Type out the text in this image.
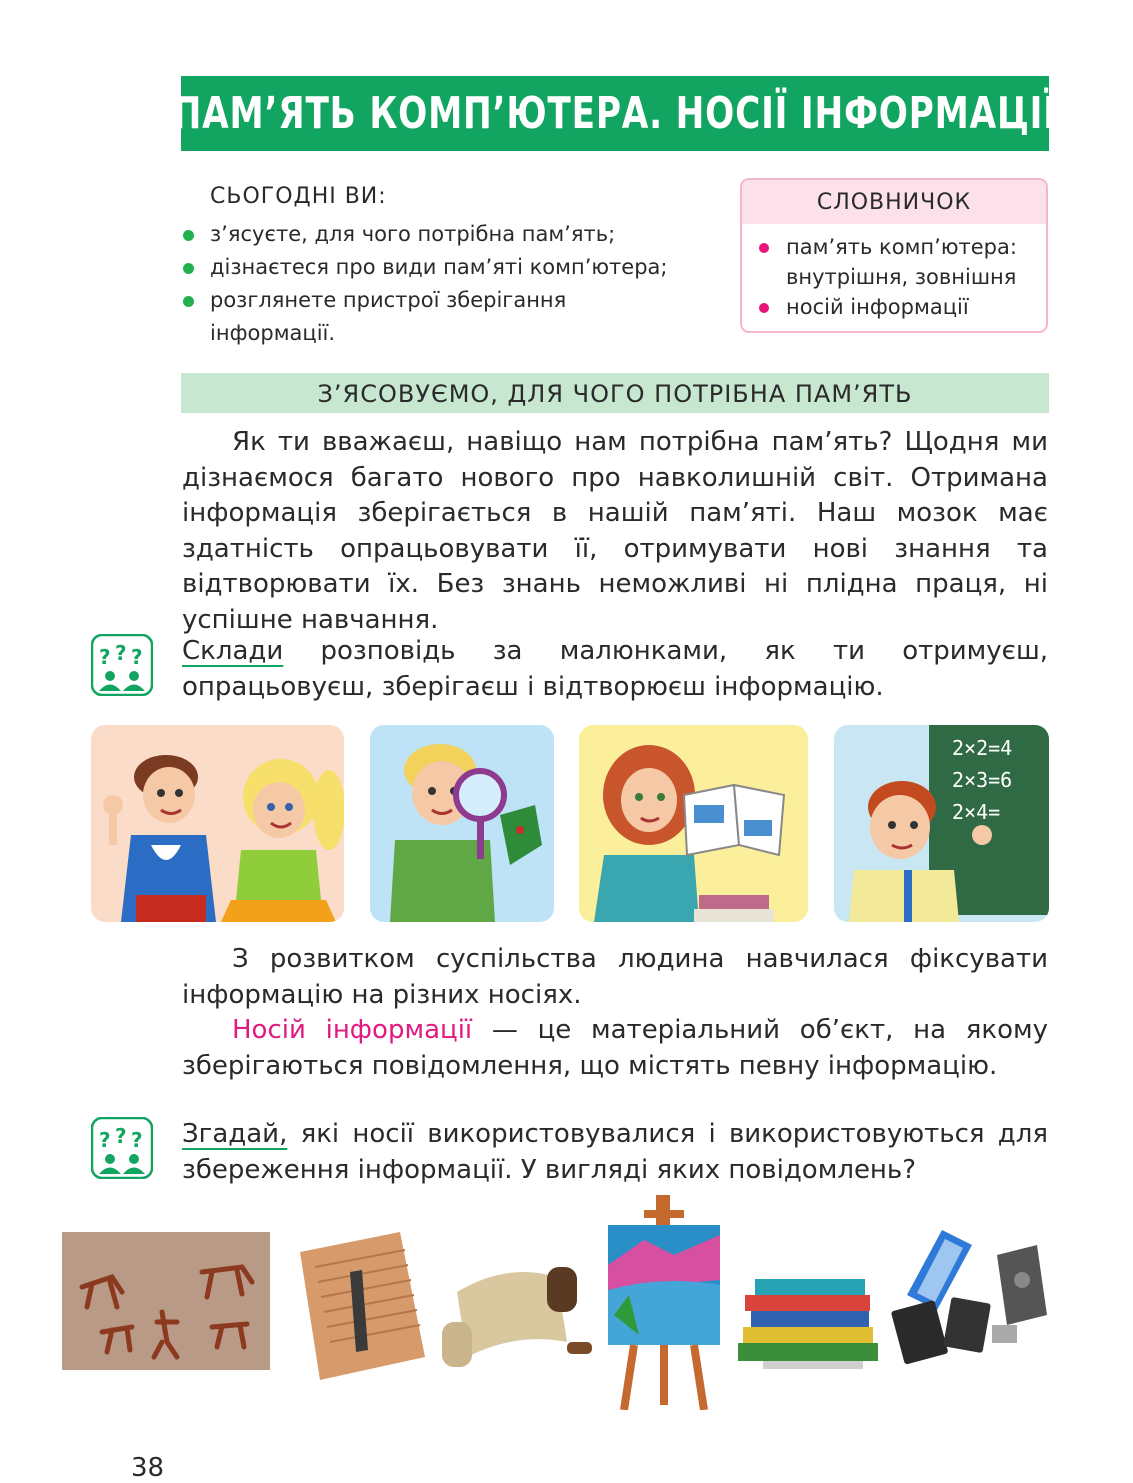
ПАМ’ЯТЬ КОМП’ЮТЕРА. НОСІЇ ІНФОРМАЦІЇ
СЬОГОДНІ ВИ:
з’ясуєте, для чого потрібна пам’ять;
дізнаєтеся про види пам’яті комп’ютера;
розглянете пристрої зберігання інформації.
СЛОВНИЧОК
пам’ять комп’ютера: внутрішня, зовнішня
носій інформації
З’ЯСОВУЄМО, ДЛЯ ЧОГО ПОТРІБНА ПАМ’ЯТЬ
Як ти вважаєш, навіщо нам потрібна пам’ять? Щодня ми дізнаємося багато нового про навколишній світ. Отримана інформація зберігається в нашій пам’яті. Наш мозок має здатність опрацьовувати її, отримувати нові знання та відтворювати їх. Без знань неможливі ні плідна праця, ні успішне навчання.
? ? ? Склади розповідь за малюнками, як ти отримуєш, опрацьовуєш, зберігаєш і відтворюєш інформацію.
2×2=4
2×3=6
2×4=
З розвитком суспільства людина навчилася фіксувати інформацію на різних носіях.
Носій інформації — це матеріальний об’єкт, на якому зберігаються повідомлення, що містять певну інформацію.
? ? ? Згадай, які носії використовувалися і використовуються для збереження інформації. У вигляді яких повідомлень?
38
